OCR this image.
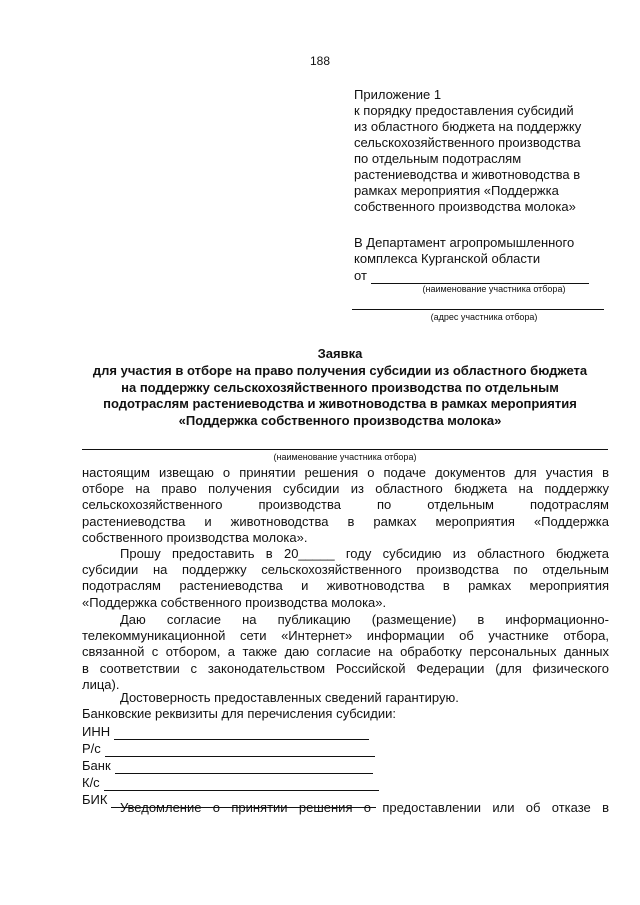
188
Приложение 1
к порядку предоставления субсидий
из областного бюджета на поддержку
сельскохозяйственного производства
по отдельным подотраслям
растениеводства и животноводства в
рамках мероприятия «Поддержка
собственного производства молока»
В Департамент агропромышленного
комплекса Курганской области
от
(наименование участника отбора)
(адрес участника отбора)
Заявка
для участия в отборе на право получения субсидии из областного бюджета
на поддержку сельскохозяйственного производства по отдельным
подотраслям растениеводства и животноводства в рамках мероприятия
«Поддержка собственного производства молока»
(наименование участника отбора)
настоящим извещаю о принятии решения о подаче документов для участия в
отборе на право получения субсидии из областного бюджета на поддержку
сельскохозяйственного производства по отдельным подотраслям
растениеводства и животноводства в рамках мероприятия «Поддержка
собственного производства молока».
Прошу предоставить в 20_____ году субсидию из областного бюджета
субсидии на поддержку сельскохозяйственного производства по отдельным
подотраслям растениеводства и животноводства в рамках мероприятия
«Поддержка собственного производства молока».
Даю согласие на публикацию (размещение) в информационно-
телекоммуникационной сети «Интернет» информации об участнике отбора,
связанной с отбором, а также даю согласие на обработку персональных данных
в соответствии с законодательством Российской Федерации (для физического
лица).
Достоверность предоставленных сведений гарантирую.
Банковские реквизиты для перечисления субсидии:
ИНН
Р/с
Банк
К/с
БИК
Уведомление о принятии решения о предоставлении или об отказе в
